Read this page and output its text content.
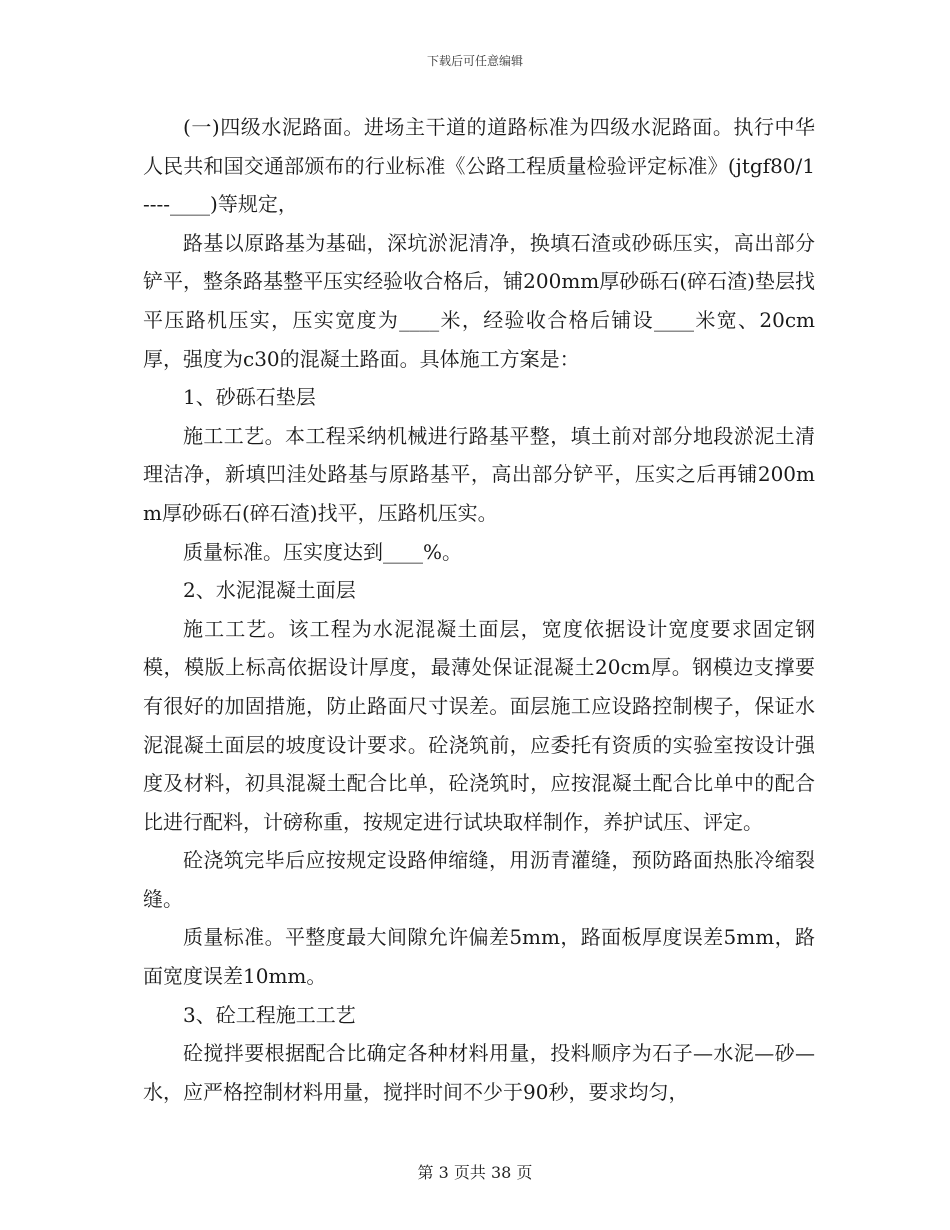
下载后可任意编辑

(一)四级水泥路面。进场主干道的道路标准为四级水泥路面。执行中华人民共和国交通部颁布的行业标准《公路工程质量检验评定标准》(jtgf80/1----____)等规定，

路基以原路基为基础，深坑淤泥清净，换填石渣或砂砾压实，高出部分铲平，整条路基整平压实经验收合格后，铺200mm厚砂砾石(碎石渣)垫层找平压路机压实，压实宽度为____米，经验收合格后铺设____米宽、20cm厚，强度为c30的混凝土路面。具体施工方案是：

1、砂砾石垫层

施工工艺。本工程采纳机械进行路基平整，填土前对部分地段淤泥土清理洁净，新填凹洼处路基与原路基平，高出部分铲平，压实之后再铺200mm厚砂砾石(碎石渣)找平，压路机压实。

质量标准。压实度达到____%。

2、水泥混凝土面层

施工工艺。该工程为水泥混凝土面层，宽度依据设计宽度要求固定钢模，模版上标高依据设计厚度，最薄处保证混凝土20cm厚。钢模边支撑要有很好的加固措施，防止路面尺寸误差。面层施工应设路控制楔子，保证水泥混凝土面层的坡度设计要求。砼浇筑前，应委托有资质的实验室按设计强度及材料，初具混凝土配合比单，砼浇筑时，应按混凝土配合比单中的配合比进行配料，计磅称重，按规定进行试块取样制作，养护试压、评定。

砼浇筑完毕后应按规定设路伸缩缝，用沥青灌缝，预防路面热胀冷缩裂缝。

质量标准。平整度最大间隙允许偏差5mm，路面板厚度误差5mm，路面宽度误差10mm。

3、砼工程施工工艺

砼搅拌要根据配合比确定各种材料用量，投料顺序为石子—水泥—砂—水，应严格控制材料用量，搅拌时间不少于90秒，要求均匀，

第 3 页共 38 页
